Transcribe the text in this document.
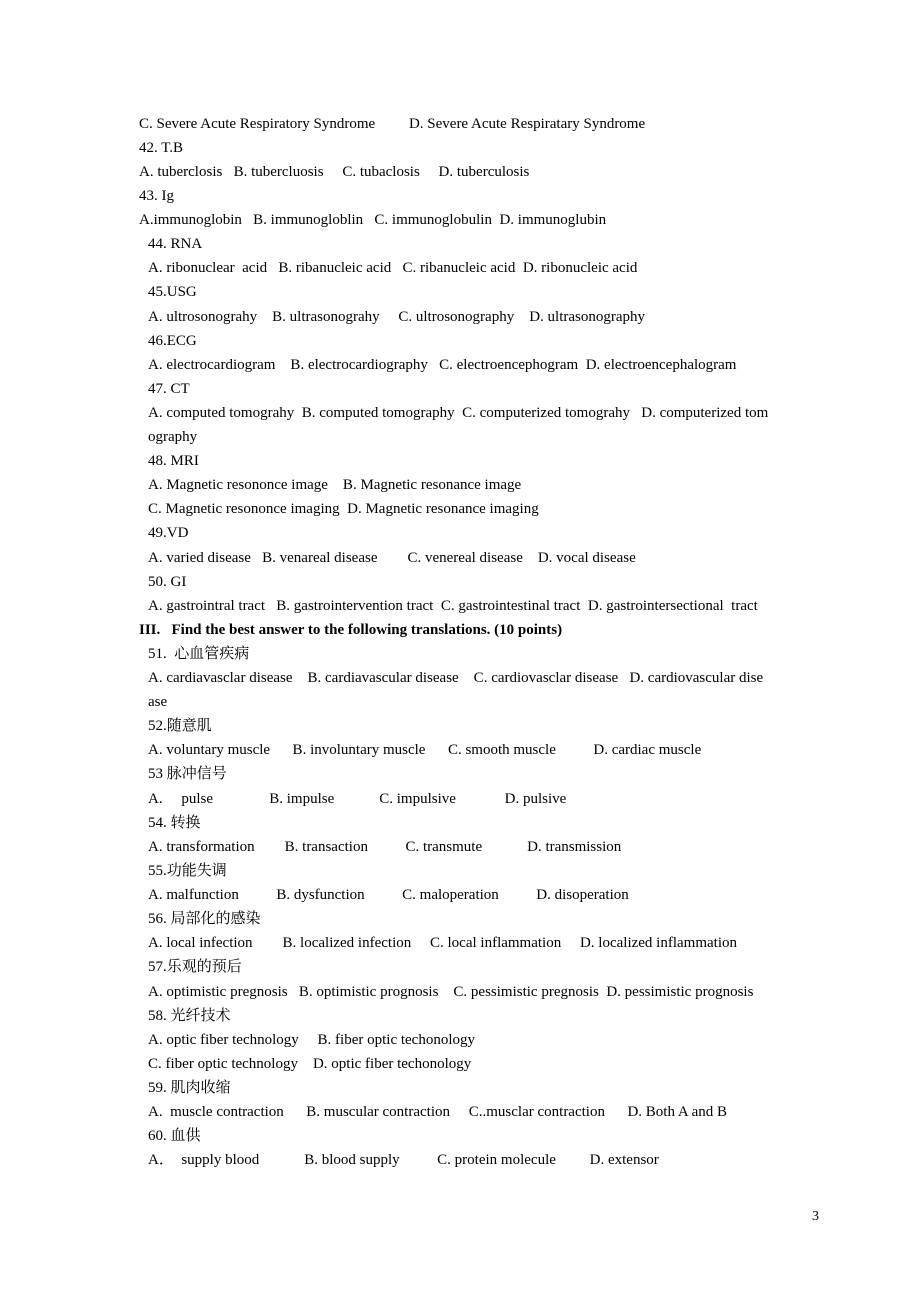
C. Severe Acute Respiratory Syndrome         D. Severe Acute Respiratary Syndrome
42. T.B
A. tuberclosis   B. tubercluosis     C. tubaclosis     D. tuberculosis
43. Ig
A.immunoglobin   B. immunogloblin   C. immunoglobulin  D. immunoglubin
44. RNA
A. ribonuclear  acid   B. ribanucleic acid   C. ribanucleic acid  D. ribonucleic acid
45.USG
A. ultrosonograhy    B. ultrasonograhy     C. ultrosonography    D. ultrasonography
46.ECG
A. electrocardiogram    B. electrocardiography   C. electroencephogram  D. electroencephalogram
47. CT
A. computed tomograhy  B. computed tomography  C. computerized tomograhy   D. computerized tom
ography
48. MRI
A. Magnetic resononce image    B. Magnetic resonance image
C. Magnetic resononce imaging  D. Magnetic resonance imaging
49.VD
A. varied disease   B. venareal disease        C. venereal disease    D. vocal disease
50. GI
A. gastrointral tract   B. gastrointervention tract  C. gastrointestinal tract  D. gastrointersectional  tract
III.   Find the best answer to the following translations. (10 points)
51.  心血管疾病
A. cardiavasclar disease    B. cardiavascular disease    C. cardiovasclar disease   D. cardiovascular dise
ase
52.随意肌
A. voluntary muscle      B. involuntary muscle      C. smooth muscle          D. cardiac muscle
53 脉冲信号
A.     pulse               B. impulse            C. impulsive             D. pulsive
54. 转换
A. transformation        B. transaction          C. transmute            D. transmission
55.功能失调
A. malfunction          B. dysfunction          C. maloperation          D. disoperation
56. 局部化的感染
A. local infection        B. localized infection     C. local inflammation     D. localized inflammation
57.乐观的预后
A. optimistic pregnosis   B. optimistic prognosis    C. pessimistic pregnosis  D. pessimistic prognosis
58. 光纤技术
A. optic fiber technology     B. fiber optic techonology
C. fiber optic technology    D. optic fiber techonology
59. 肌肉收缩
A.  muscle contraction      B. muscular contraction     C..musclar contraction      D. Both A and B
60. 血供
A．  supply blood            B. blood supply          C. protein molecule         D. extensor
3
